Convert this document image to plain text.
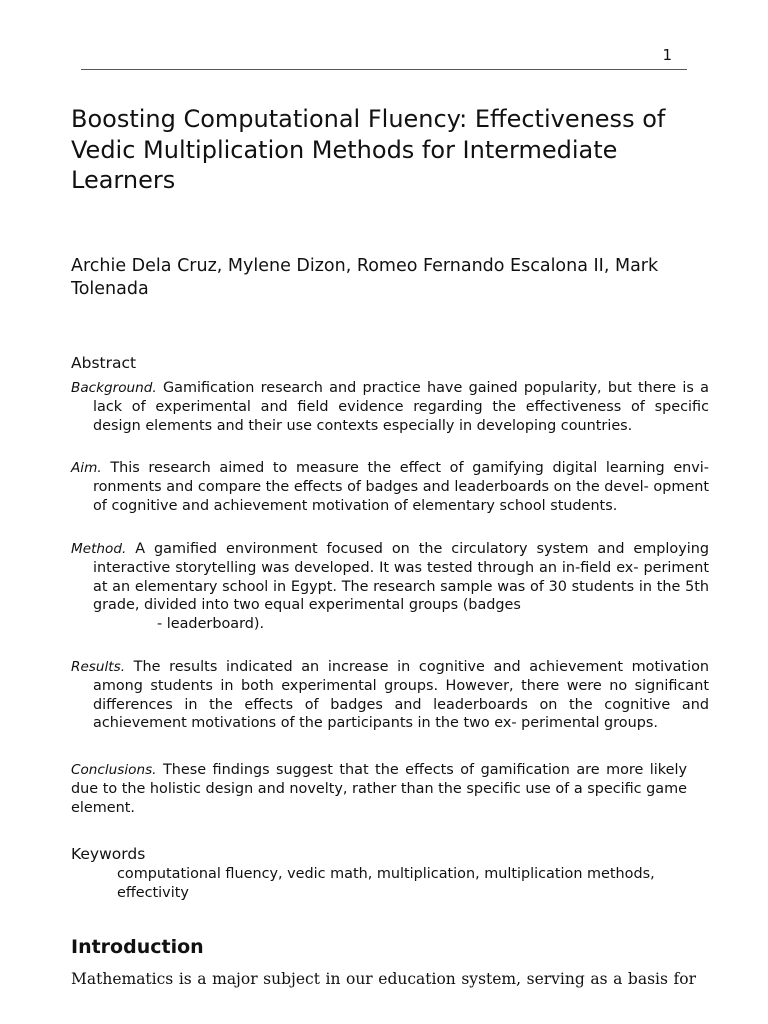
1
Boosting Computational Fluency: Effectiveness of Vedic Multiplication Methods for Intermediate Learners
Archie Dela Cruz, Mylene Dizon, Romeo Fernando Escalona II, Mark Tolenada
Abstract

Background. Gamification research and practice have gained popularity, but there is a lack of experimental and field evidence regarding the effectiveness of specific design elements and their use contexts especially in developing countries.

Aim. This research aimed to measure the effect of gamifying digital learning envi- ronments and compare the effects of badges and leaderboards on the devel- opment of cognitive and achievement motivation of elementary school students.

Method. A gamified environment focused on the circulatory system and employing interactive storytelling was developed. It was tested through an in-field ex- periment at an elementary school in Egypt. The research sample was of 30 students in the 5th grade, divided into two equal experimental groups (badges
- leaderboard).

Results. The results indicated an increase in cognitive and achievement motivation among students in both experimental groups. However, there were no significant differences in the effects of badges and leaderboards on the cognitive and achievement motivations of the participants in the two ex- perimental groups.

Conclusions. These findings suggest that the effects of gamification are more likely due to the holistic design and novelty, rather than the specific use of a specific game element.

Keywords
computational fluency, vedic math, multiplication, multiplication methods, effectivity
Introduction
Mathematics is a major subject in our education system, serving as a basis for
